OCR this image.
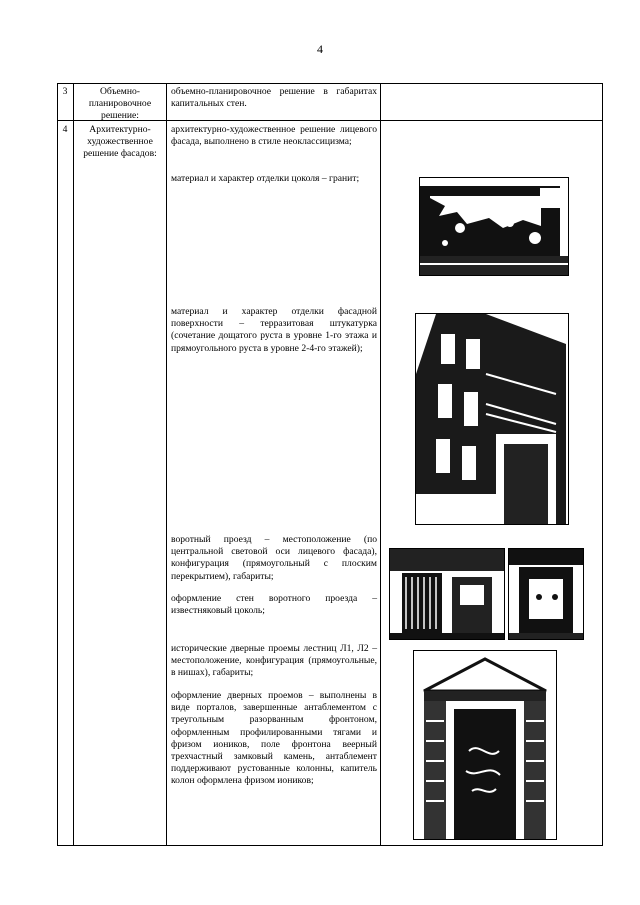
4
3	Объемно-планировочное решение:
объемно-планировочное решение в габаритах капитальных стен.
4	Архитектурно-художественное решение фасадов:
архитектурно-художественное решение лицевого фасада, выполнено в стиле неоклассицизма;
материал и характер отделки цоколя – гранит;
материал и характер отделки фасадной поверхности – терразитовая штукатурка (сочетание дощатого руста в уровне 1-го этажа и прямоугольного руста в уровне 2-4-го этажей);
воротный проезд – местоположение (по центральной световой оси лицевого фасада), конфигурация (прямоугольный с плоским перекрытием), габариты;
оформление стен воротного проезда – известняковый цоколь;
исторические дверные проемы лестниц Л1, Л2 – местоположение, конфигурация (прямоугольные, в нишах), габариты;
оформление дверных проемов – выполнены в виде порталов, завершенные антаблементом с треугольным разорванным фронтоном, оформленным профилированными тягами и фризом иоников, поле фронтона веерный трехчастный замковый камень, антаблемент поддерживают рустованные колонны, капитель колон оформлена фризом иоников;
